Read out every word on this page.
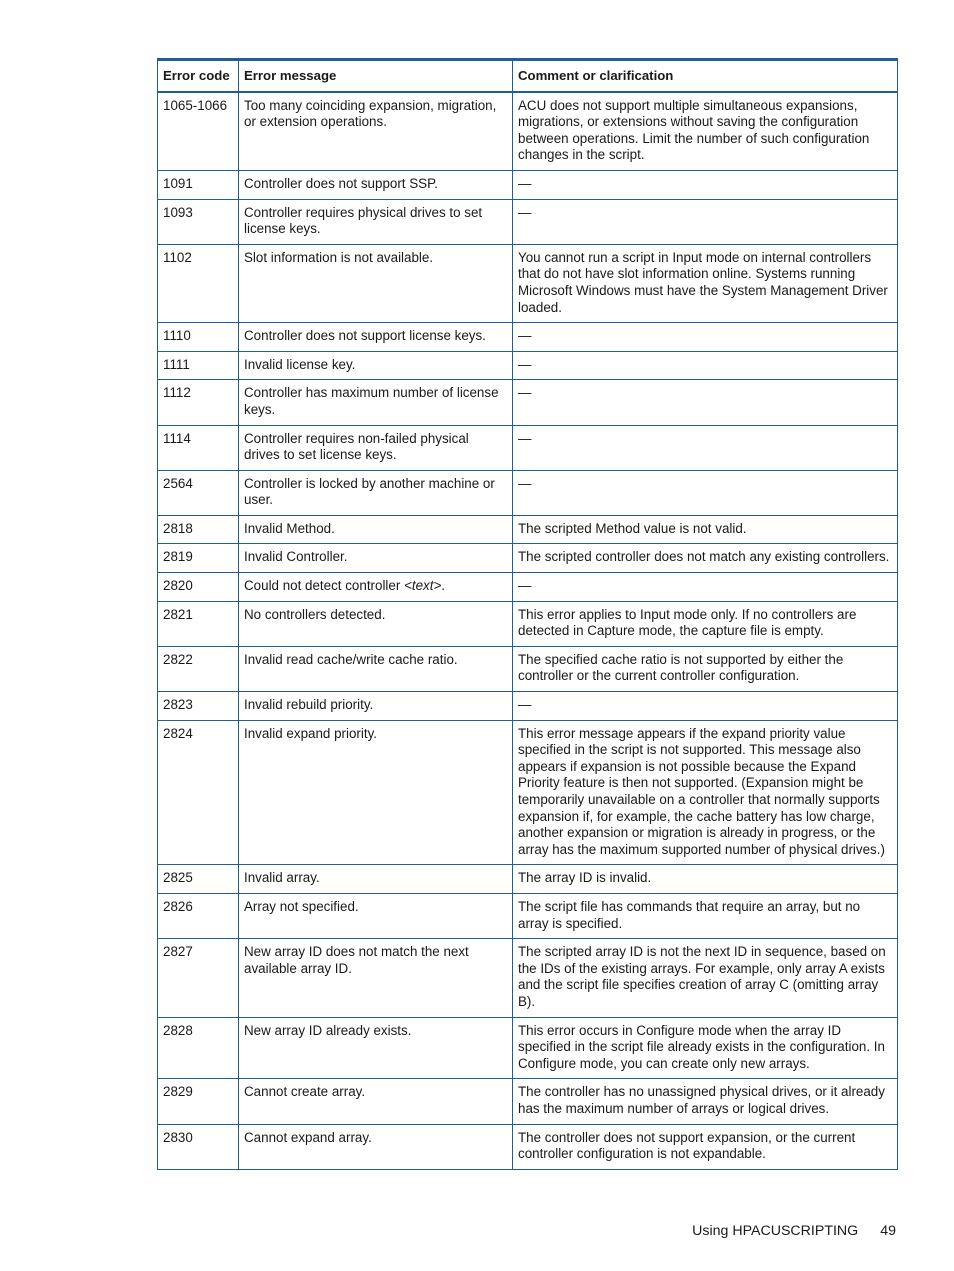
Error code	Error message	Comment or clarification
1065-1066	Too many coinciding expansion, migration, or extension operations.	ACU does not support multiple simultaneous expansions, migrations, or extensions without saving the configuration between operations. Limit the number of such configuration changes in the script.
1091	Controller does not support SSP.	—
1093	Controller requires physical drives to set license keys.	—
1102	Slot information is not available.	You cannot run a script in Input mode on internal controllers that do not have slot information online. Systems running Microsoft Windows must have the System Management Driver loaded.
1110	Controller does not support license keys.	—
1111	Invalid license key.	—
1112	Controller has maximum number of license keys.	—
1114	Controller requires non-failed physical drives to set license keys.	—
2564	Controller is locked by another machine or user.	—
2818	Invalid Method.	The scripted Method value is not valid.
2819	Invalid Controller.	The scripted controller does not match any existing controllers.
2820	Could not detect controller <text>.	—
2821	No controllers detected.	This error applies to Input mode only. If no controllers are detected in Capture mode, the capture file is empty.
2822	Invalid read cache/write cache ratio.	The specified cache ratio is not supported by either the controller or the current controller configuration.
2823	Invalid rebuild priority.	—
2824	Invalid expand priority.	This error message appears if the expand priority value specified in the script is not supported. This message also appears if expansion is not possible because the Expand Priority feature is then not supported. (Expansion might be temporarily unavailable on a controller that normally supports expansion if, for example, the cache battery has low charge, another expansion or migration is already in progress, or the array has the maximum supported number of physical drives.)
2825	Invalid array.	The array ID is invalid.
2826	Array not specified.	The script file has commands that require an array, but no array is specified.
2827	New array ID does not match the next available array ID.	The scripted array ID is not the next ID in sequence, based on the IDs of the existing arrays. For example, only array A exists and the script file specifies creation of array C (omitting array B).
2828	New array ID already exists.	This error occurs in Configure mode when the array ID specified in the script file already exists in the configuration. In Configure mode, you can create only new arrays.
2829	Cannot create array.	The controller has no unassigned physical drives, or it already has the maximum number of arrays or logical drives.
2830	Cannot expand array.	The controller does not support expansion, or the current controller configuration is not expandable.
Using HPACUSCRIPTING 49
